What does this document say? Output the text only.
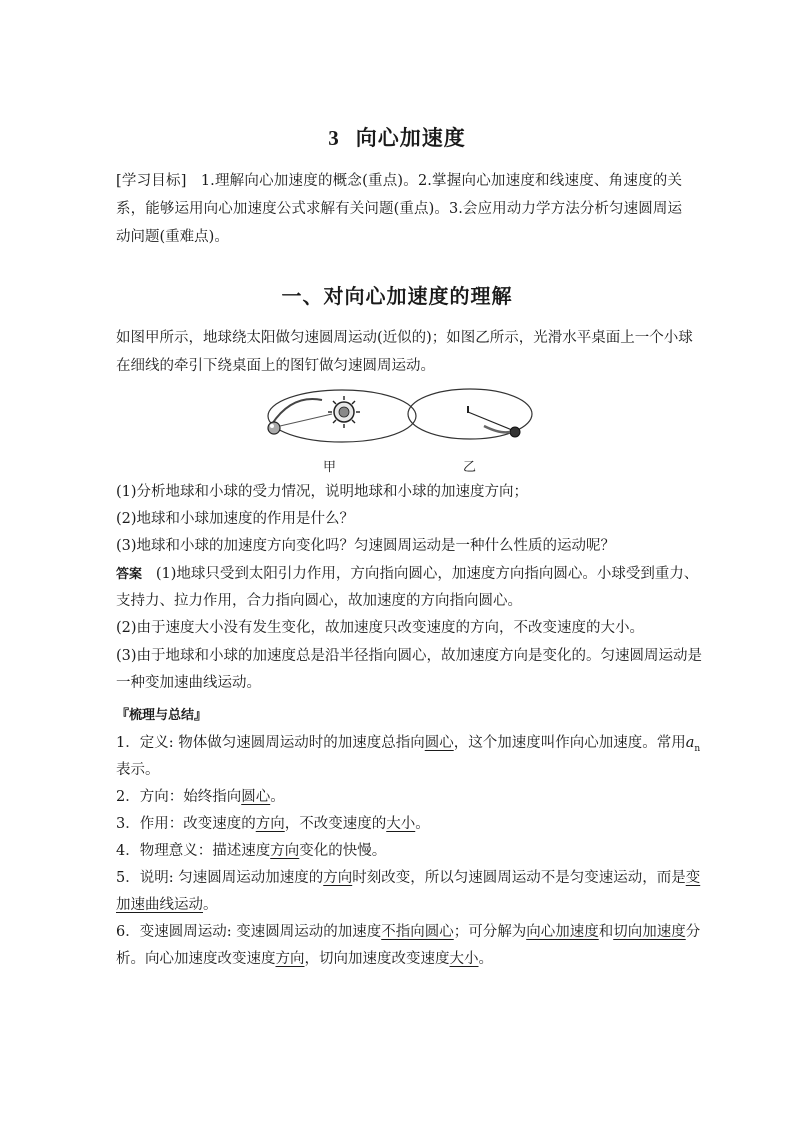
3 向心加速度
[学习目标] 1.理解向心加速度的概念(重点)。2.掌握向心加速度和线速度、角速度的关系，能够运用向心加速度公式求解有关问题(重点)。3.会应用动力学方法分析匀速圆周运动问题(重难点)。
一、对向心加速度的理解
如图甲所示，地球绕太阳做匀速圆周运动(近似的)；如图乙所示，光滑水平桌面上一个小球
在细线的牵引下绕桌面上的图钉做匀速圆周运动。
甲	乙
(1)分析地球和小球的受力情况，说明地球和小球的加速度方向；
(2)地球和小球加速度的作用是什么？
(3)地球和小球的加速度方向变化吗？匀速圆周运动是一种什么性质的运动呢？
答案 (1)地球只受到太阳引力作用，方向指向圆心，加速度方向指向圆心。小球受到重力、
支持力、拉力作用，合力指向圆心，故加速度的方向指向圆心。
(2)由于速度大小没有发生变化，故加速度只改变速度的方向，不改变速度的大小。
(3)由于地球和小球的加速度总是沿半径指向圆心，故加速度方向是变化的。匀速圆周运动是
一种变加速曲线运动。
『梳理与总结』
1．定义: 物体做匀速圆周运动时的加速度总指向圆心，这个加速度叫作向心加速度。常用$a_n$
表示。
2．方向：始终指向圆心。
3．作用：改变速度的方向，不改变速度的大小。
4．物理意义：描述速度方向变化的快慢。
5．说明: 匀速圆周运动加速度的方向时刻改变，所以匀速圆周运动不是匀变速运动，而是变
加速曲线运动。
6．变速圆周运动: 变速圆周运动的加速度不指向圆心；可分解为向心加速度和切向加速度分
析。向心加速度改变速度方向，切向加速度改变速度大小。
